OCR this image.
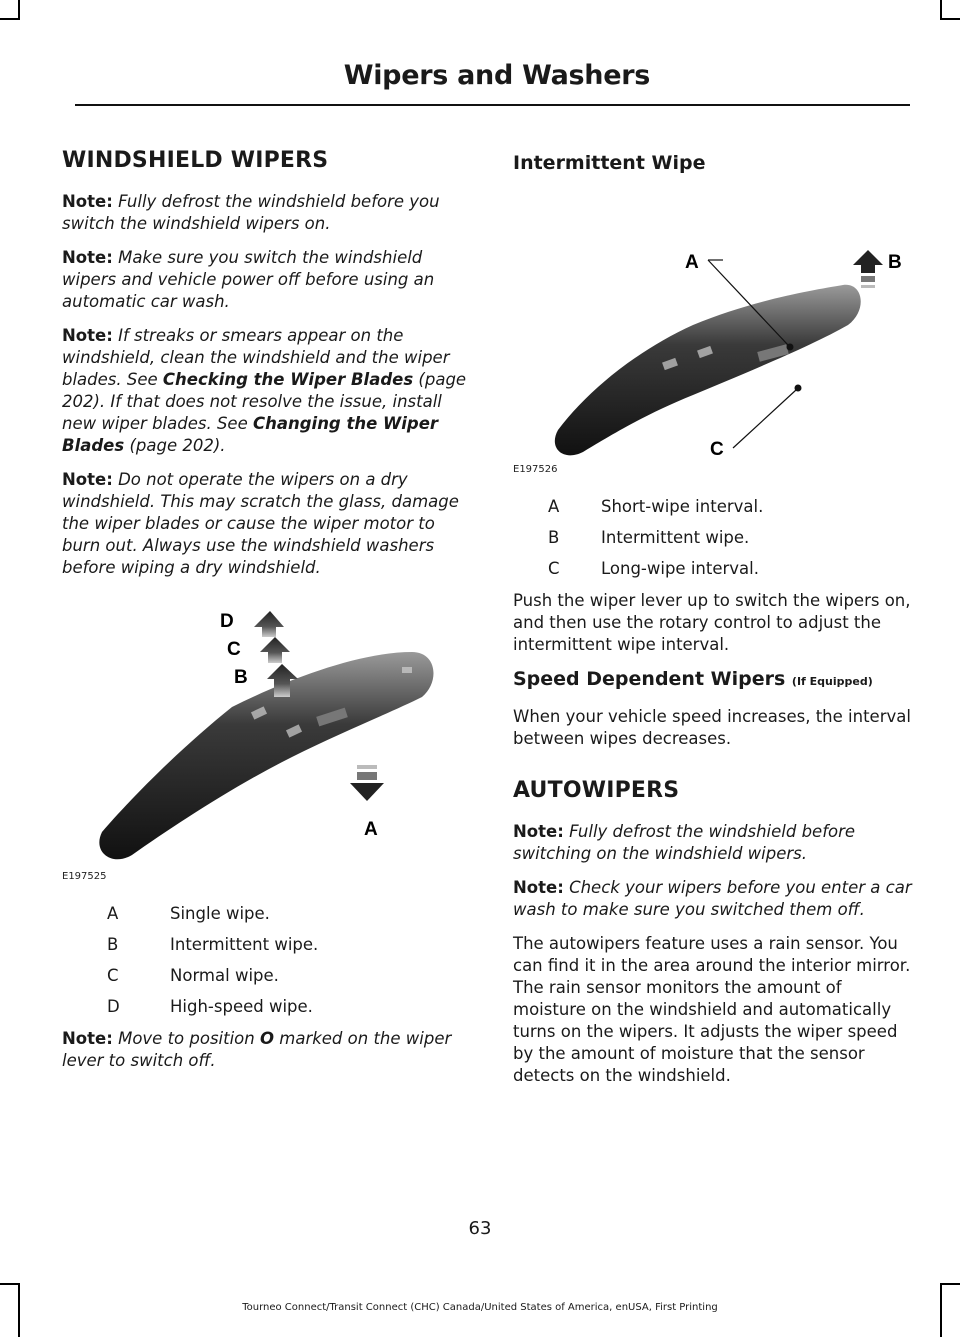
Wipers and Washers
WINDSHIELD WIPERS

Note: Fully defrost the windshield before you switch the windshield wipers on.

Note: Make sure you switch the windshield wipers and vehicle power off before using an automatic car wash.

Note: If streaks or smears appear on the windshield, clean the windshield and the wiper blades. See Checking the Wiper Blades (page 202). If that does not resolve the issue, install new wiper blades. See Changing the Wiper Blades (page 202).

Note: Do not operate the wipers on a dry windshield. This may scratch the glass, damage the wiper blades or cause the wiper motor to burn out. Always use the windshield washers before wiping a dry windshield.

D
C
B
A
E197525
A	Single wipe.
B	Intermittent wipe.
C	Normal wipe.
D	High-speed wipe.

Note: Move to position O marked on the wiper lever to switch off.

Intermittent Wipe
A	B
C
E197526
A	Short-wipe interval.
B	Intermittent wipe.
C	Long-wipe interval.

Push the wiper lever up to switch the wipers on, and then use the rotary control to adjust the intermittent wipe interval.

Speed Dependent Wipers (If Equipped)

When your vehicle speed increases, the interval between wipes decreases.

AUTOWIPERS

Note: Fully defrost the windshield before switching on the windshield wipers.

Note: Check your wipers before you enter a car wash to make sure you switched them off.

The autowipers feature uses a rain sensor. You can find it in the area around the interior mirror. The rain sensor monitors the amount of moisture on the windshield and automatically turns on the wipers. It adjusts the wiper speed by the amount of moisture that the sensor detects on the windshield.

63
Tourneo Connect/Transit Connect (CHC) Canada/United States of America, enUSA, First Printing
